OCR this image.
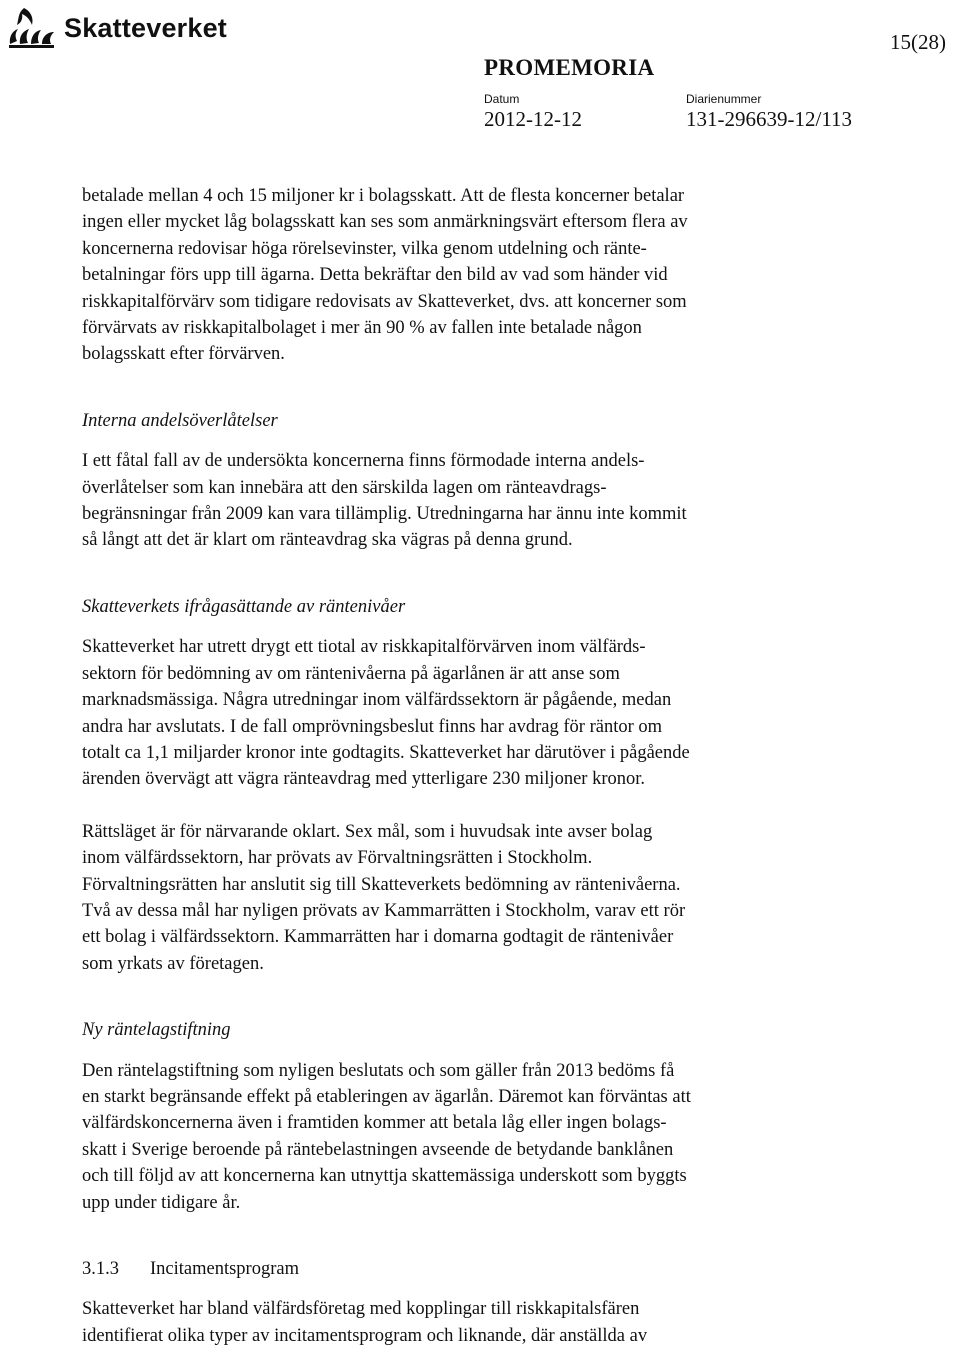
Skatteverket	15(28)
PROMEMORIA
Datum
2012-12-12
Diarienummer
131-296639-12/113

betalade mellan 4 och 15 miljoner kr i bolagsskatt. Att de flesta koncerner betalar
ingen eller mycket låg bolagsskatt kan ses som anmärkningsvärt eftersom flera av
koncernerna redovisar höga rörelsevinster, vilka genom utdelning och ränte-
betalningar förs upp till ägarna. Detta bekräftar den bild av vad som händer vid
riskkapitalförvärv som tidigare redovisats av Skatteverket, dvs. att koncerner som
förvärvats av riskkapitalbolaget i mer än 90 % av fallen inte betalade någon
bolagsskatt efter förvärven.

Interna andelsöverlåtelser

I ett fåtal fall av de undersökta koncernerna finns förmodade interna andels-
överlåtelser som kan innebära att den särskilda lagen om ränteavdrags-
begränsningar från 2009 kan vara tillämplig. Utredningarna har ännu inte kommit
så långt att det är klart om ränteavdrag ska vägras på denna grund.

Skatteverkets ifrågasättande av räntenivåer

Skatteverket har utrett drygt ett tiotal av riskkapitalförvärven inom välfärds-
sektorn för bedömning av om räntenivåerna på ägarlånen är att anse som
marknadsmässiga. Några utredningar inom välfärdssektorn är pågående, medan
andra har avslutats. I de fall omprövningsbeslut finns har avdrag för räntor om
totalt ca 1,1 miljarder kronor inte godtagits. Skatteverket har därutöver i pågående
ärenden övervägt att vägra ränteavdrag med ytterligare 230 miljoner kronor.

Rättsläget är för närvarande oklart. Sex mål, som i huvudsak inte avser bolag
inom välfärdssektorn, har prövats av Förvaltningsrätten i Stockholm.
Förvaltningsrätten har anslutit sig till Skatteverkets bedömning av räntenivåerna.
Två av dessa mål har nyligen prövats av Kammarrätten i Stockholm, varav ett rör
ett bolag i välfärdssektorn. Kammarrätten har i domarna godtagit de räntenivåer
som yrkats av företagen.

Ny räntelagstiftning

Den räntelagstiftning som nyligen beslutats och som gäller från 2013 bedöms få
en starkt begränsande effekt på etableringen av ägarlån. Däremot kan förväntas att
välfärdskoncernerna även i framtiden kommer att betala låg eller ingen bolags-
skatt i Sverige beroende på räntebelastningen avseende de betydande banklånen
och till följd av att koncernerna kan utnyttja skattemässiga underskott som byggts
upp under tidigare år.

3.1.3	Incitamentsprogram

Skatteverket har bland välfärdsföretag med kopplingar till riskkapitalsfären
identifierat olika typer av incitamentsprogram och liknande, där anställda av
